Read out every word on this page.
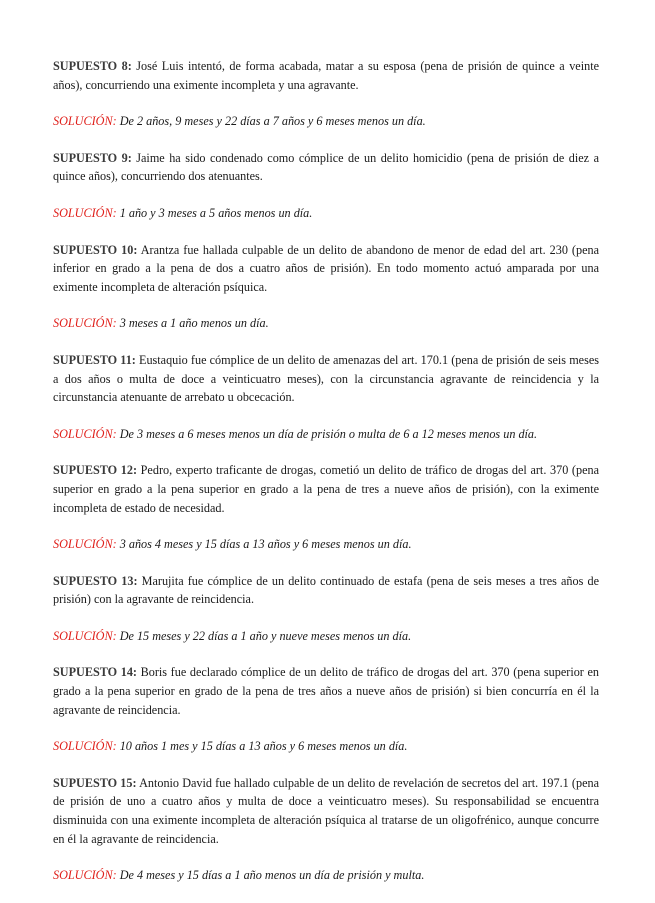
SUPUESTO 8: José Luis intentó, de forma acabada, matar a su esposa (pena de prisión de quince a veinte años), concurriendo una eximente incompleta y una agravante.

SOLUCIÓN: De 2 años, 9 meses y 22 días a 7 años y 6 meses menos un día.

SUPUESTO 9: Jaime ha sido condenado como cómplice de un delito homicidio (pena de prisión de diez a quince años), concurriendo dos atenuantes.

SOLUCIÓN: 1 año y 3 meses a 5 años menos un día.

SUPUESTO 10: Arantza fue hallada culpable de un delito de abandono de menor de edad del art. 230 (pena inferior en grado a la pena de dos a cuatro años de prisión). En todo momento actuó amparada por una eximente incompleta de alteración psíquica.

SOLUCIÓN: 3 meses a 1 año menos un día.

SUPUESTO 11: Eustaquio fue cómplice de un delito de amenazas del art. 170.1 (pena de prisión de seis meses a dos años o multa de doce a veinticuatro meses), con la circunstancia agravante de reincidencia y la circunstancia atenuante de arrebato u obcecación.

SOLUCIÓN: De 3 meses a 6 meses menos un día de prisión o multa de 6 a 12 meses menos un día.

SUPUESTO 12: Pedro, experto traficante de drogas, cometió un delito de tráfico de drogas del art. 370 (pena superior en grado a la pena superior en grado a la pena de tres a nueve años de prisión), con la eximente incompleta de estado de necesidad.

SOLUCIÓN: 3 años 4 meses y 15 días a 13 años y 6 meses menos un día.

SUPUESTO 13: Marujita fue cómplice de un delito continuado de estafa (pena de seis meses a tres años de prisión) con la agravante de reincidencia.

SOLUCIÓN: De 15 meses y 22 días a 1 año y nueve meses menos un día.

SUPUESTO 14: Boris fue declarado cómplice de un delito de tráfico de drogas del art. 370 (pena superior en grado a la pena superior en grado de la pena de tres años a nueve años de prisión) si bien concurría en él la agravante de reincidencia.

SOLUCIÓN: 10 años 1 mes y 15 días a 13 años y 6 meses menos un día.

SUPUESTO 15: Antonio David fue hallado culpable de un delito de revelación de secretos del art. 197.1 (pena de prisión de uno a cuatro años y multa de doce a veinticuatro meses). Su responsabilidad se encuentra disminuida con una eximente incompleta de alteración psíquica al tratarse de un oligofrénico, aunque concurre en él la agravante de reincidencia.

SOLUCIÓN: De 4 meses y 15 días a 1 año menos un día de prisión y multa.
